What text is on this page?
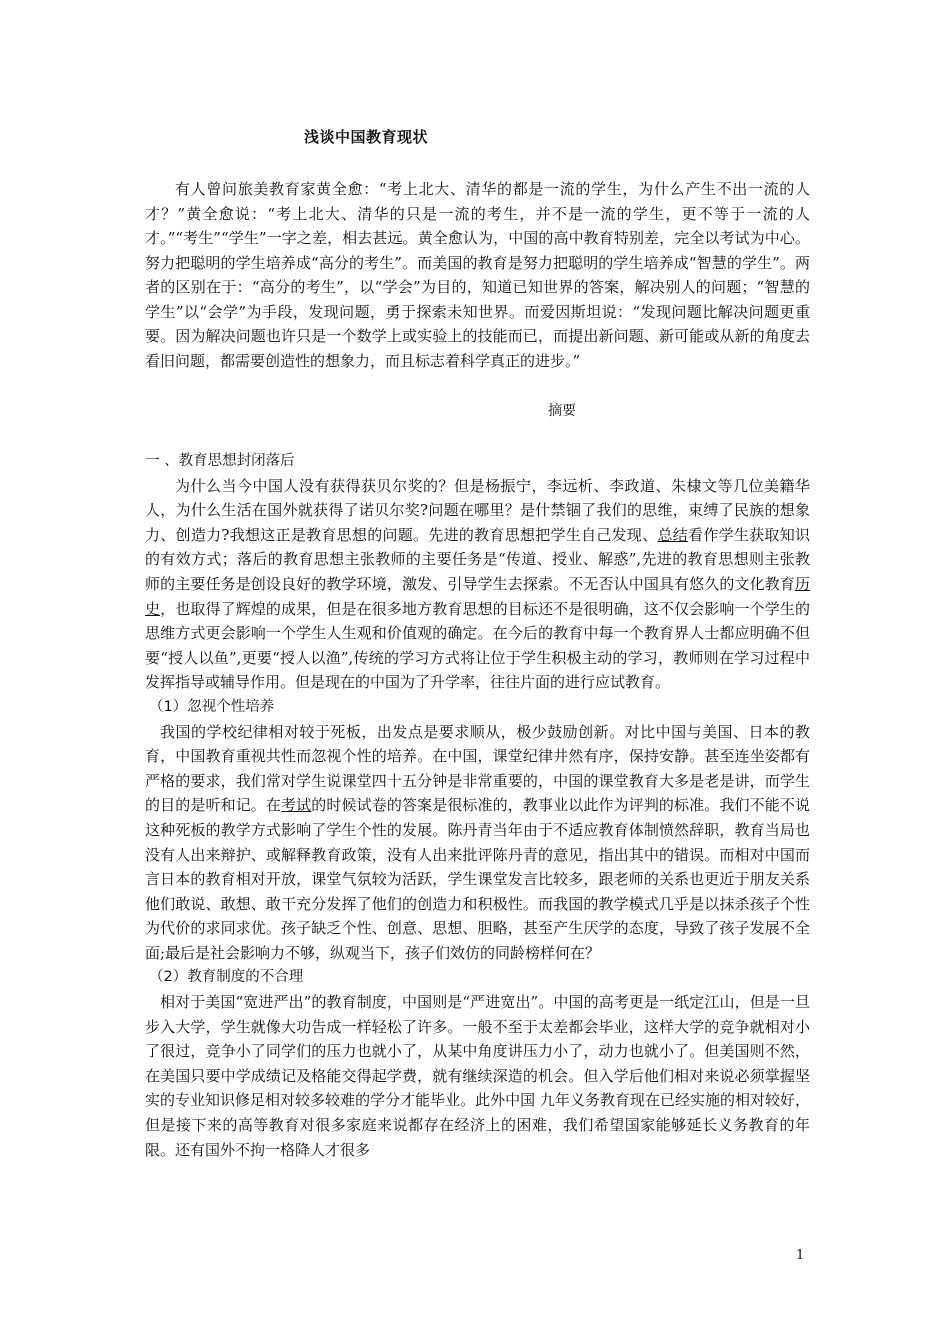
浅谈中国教育现状
有人曾问旅美教育家黄全愈：“考上北大、清华的都是一流的学生，为什么产生不出一流的人才？”黄全愈说：“考上北大、清华的只是一流的考生，并不是一流的学生，更不等于一流的人才。”“考生”“学生”一字之差，相去甚远。黄全愈认为，中国的高中教育特别差，完全以考试为中心。努力把聪明的学生培养成“高分的考生”。而美国的教育是努力把聪明的学生培养成“智慧的学生”。两者的区别在于：“高分的考生”，以“学会”为目的，知道已知世界的答案，解决别人的问题；“智慧的学生”以“会学”为手段，发现问题，勇于探索未知世界。而爱因斯坦说：“发现问题比解决问题更重要。因为解决问题也许只是一个数学上或实验上的技能而已，而提出新问题、新可能或从新的角度去看旧问题，都需要创造性的想象力，而且标志着科学真正的进步。”
摘要

一 、教育思想封闭落后

为什么当今中国人没有获得获贝尔奖的？但是杨振宁，李远析、李政道、朱棣文等几位美籍华人，为什么生活在国外就获得了诺贝尔奖?问题在哪里？是什禁锢了我们的思维，束缚了民族的想象力、创造力?我想这正是教育思想的问题。先进的教育思想把学生自己发现、总结看作学生获取知识的有效方式；落后的教育思想主张教师的主要任务是“传道、授业、解惑”,先进的教育思想则主张教师的主要任务是创设良好的教学环境，激发、引导学生去探索。不无否认中国具有悠久的文化教育历史，也取得了辉煌的成果，但是在很多地方教育思想的目标还不是很明确，这不仅会影响一个学生的思维方式更会影响一个学生人生观和价值观的确定。在今后的教育中每一个教育界人士都应明确不但要“授人以鱼”,更要“授人以渔”,传统的学习方式将让位于学生积极主动的学习，教师则在学习过程中发挥指导或辅导作用。但是现在的中国为了升学率，往往片面的进行应试教育。

（1）忽视个性培养

我国的学校纪律相对较于死板，出发点是要求顺从，极少鼓励创新。对比中国与美国、日本的教育，中国教育重视共性而忽视个性的培养。在中国，课堂纪律井然有序，保持安静。甚至连坐姿都有严格的要求，我们常对学生说课堂四十五分钟是非常重要的，中国的课堂教育大多是老是讲，而学生的目的是听和记。在考试的时候试卷的答案是很标准的，教事业以此作为评判的标准。我们不能不说这种死板的教学方式影响了学生个性的发展。陈丹青当年由于不适应教育体制愤然辞职，教育当局也没有人出来辩护、或解释教育政策，没有人出来批评陈丹青的意见，指出其中的错误。而相对中国而言日本的教育相对开放，课堂气氛较为活跃，学生课堂发言比较多，跟老师的关系也更近于朋友关系他们敢说、敢想、敢干充分发挥了他们的创造力和积极性。而我国的教学模式几乎是以抹杀孩子个性为代价的求同求优。孩子缺乏个性、创意、思想、胆略，甚至产生厌学的态度，导致了孩子发展不全面;最后是社会影响力不够，纵观当下，孩子们效仿的同龄榜样何在？

（2）教育制度的不合理

相对于美国“宽进严出”的教育制度，中国则是“严进宽出”。中国的高考更是一纸定江山，但是一旦步入大学，学生就像大功告成一样轻松了许多。一般不至于太差都会毕业，这样大学的竞争就相对小了很过，竞争小了同学们的压力也就小了，从某中角度讲压力小了，动力也就小了。但美国则不然，在美国只要中学成绩记及格能交得起学费，就有继续深造的机会。但入学后他们相对来说必须掌握坚实的专业知识修足相对较多较难的学分才能毕业。此外中国 九年义务教育现在已经实施的相对较好，但是接下来的高等教育对很多家庭来说都存在经济上的困难，我们希望国家能够延长义务教育的年限。还有国外不拘一格降人才很多

1
